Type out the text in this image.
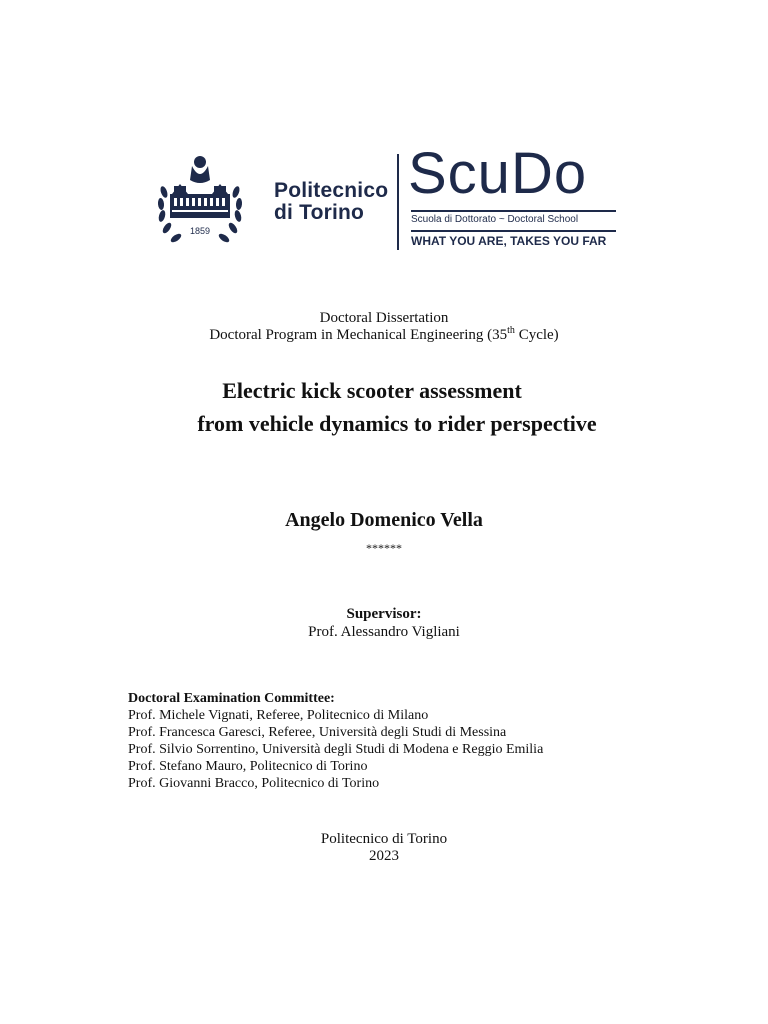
1859
Politecnico
di Torino
ScuDo
Scuola di Dottorato ~ Doctoral School
WHAT YOU ARE, TAKES YOU FAR
Doctoral Dissertation
Doctoral Program in Mechanical Engineering (35th Cycle)
Electric kick scooter assessment
from vehicle dynamics to rider perspective
Angelo Domenico Vella
******
Supervisor:
Prof. Alessandro Vigliani
Doctoral Examination Committee:
Prof. Michele Vignati, Referee, Politecnico di Milano
Prof. Francesca Garesci, Referee, Università degli Studi di Messina
Prof. Silvio Sorrentino, Università degli Studi di Modena e Reggio Emilia
Prof. Stefano Mauro, Politecnico di Torino
Prof. Giovanni Bracco, Politecnico di Torino
Politecnico di Torino
2023
